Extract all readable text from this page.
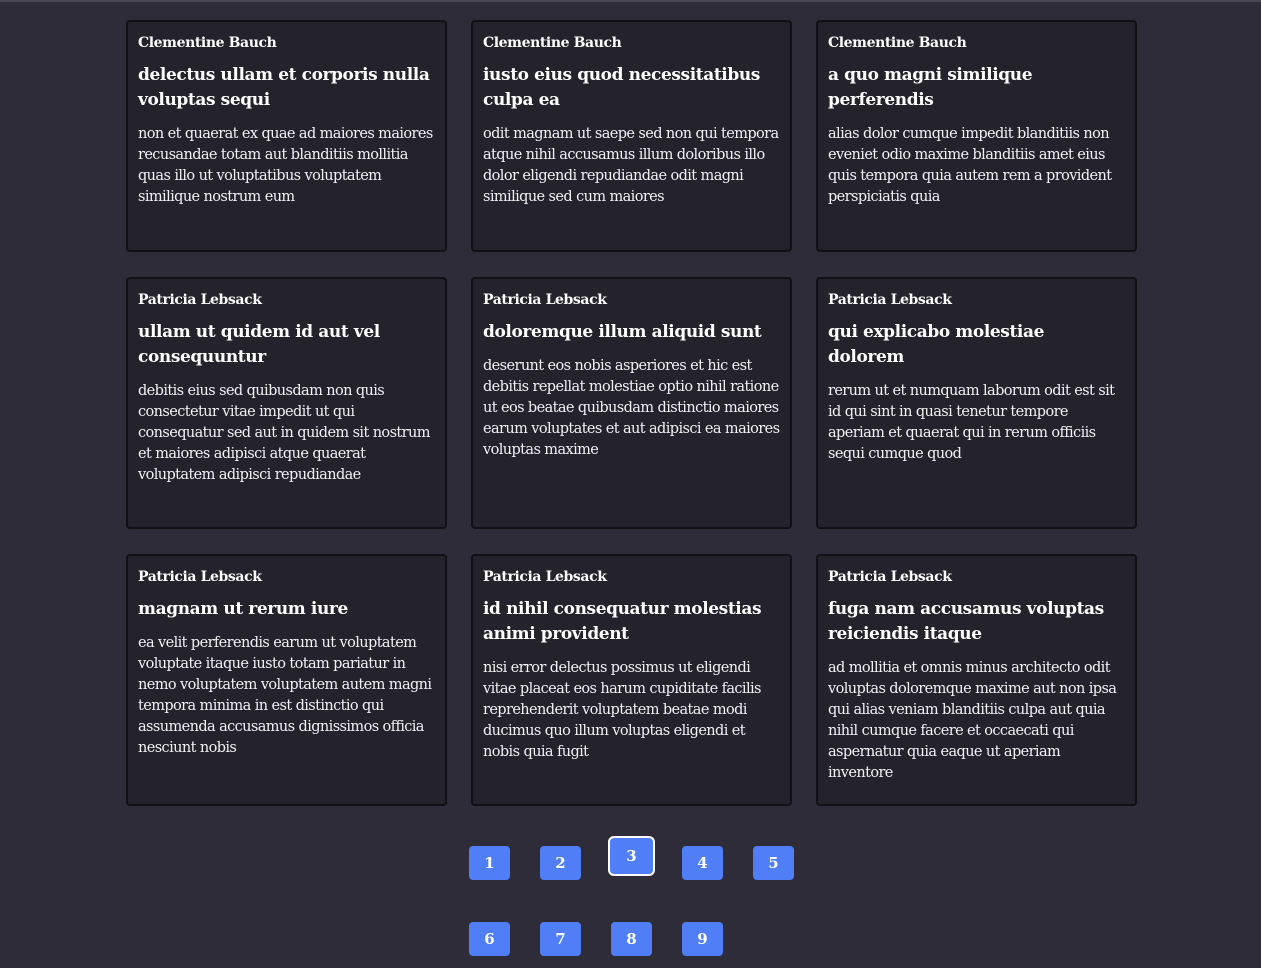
Clementine Bauch
delectus ullam et corporis nulla voluptas sequi

non et quaerat ex quae ad maiores maiores recusandae totam aut blanditiis mollitia quas illo ut voluptatibus voluptatem similique nostrum eum

Clementine Bauch
iusto eius quod necessitatibus culpa ea

odit magnam ut saepe sed non qui tempora atque nihil accusamus illum doloribus illo dolor eligendi repudiandae odit magni similique sed cum maiores

Clementine Bauch
a quo magni similique perferendis

alias dolor cumque impedit blanditiis non eveniet odio maxime blanditiis amet eius quis tempora quia autem rem a provident perspiciatis quia

Patricia Lebsack
ullam ut quidem id aut vel consequuntur

debitis eius sed quibusdam non quis consectetur vitae impedit ut qui consequatur sed aut in quidem sit nostrum et maiores adipisci atque quaerat voluptatem adipisci repudiandae

Patricia Lebsack
doloremque illum aliquid sunt

deserunt eos nobis asperiores et hic est debitis repellat molestiae optio nihil ratione ut eos beatae quibusdam distinctio maiores earum voluptates et aut adipisci ea maiores voluptas maxime

Patricia Lebsack
qui explicabo molestiae dolorem

rerum ut et numquam laborum odit est sit id qui sint in quasi tenetur tempore aperiam et quaerat qui in rerum officiis sequi cumque quod

Patricia Lebsack
magnam ut rerum iure

ea velit perferendis earum ut voluptatem voluptate itaque iusto totam pariatur in nemo voluptatem voluptatem autem magni tempora minima in est distinctio qui assumenda accusamus dignissimos officia nesciunt nobis

Patricia Lebsack
id nihil consequatur molestias animi provident

nisi error delectus possimus ut eligendi vitae placeat eos harum cupiditate facilis reprehenderit voluptatem beatae modi ducimus quo illum voluptas eligendi et nobis quia fugit

Patricia Lebsack
fuga nam accusamus voluptas reiciendis itaque

ad mollitia et omnis minus architecto odit voluptas doloremque maxime aut non ipsa qui alias veniam blanditiis culpa aut quia nihil cumque facere et occaecati qui aspernatur quia eaque ut aperiam inventore

1	2	3	4	5
6	7	8	9
